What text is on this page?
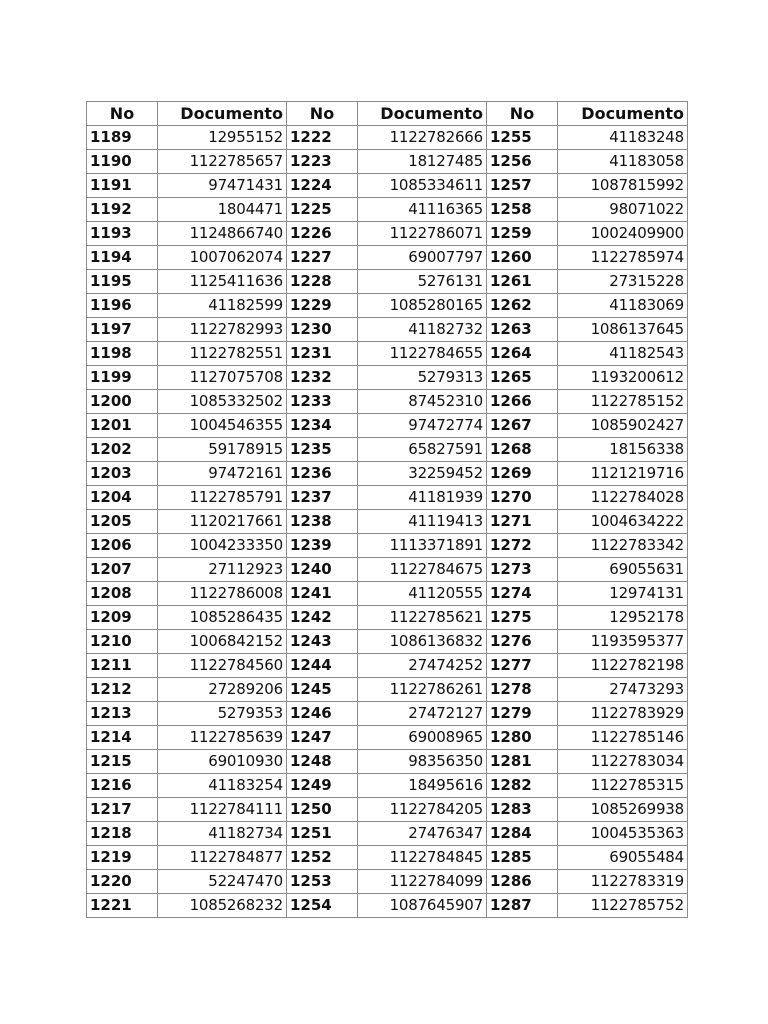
No	Documento	No	Documento	No	Documento
1189	12955152	1222	1122782666	1255	41183248
1190	1122785657	1223	18127485	1256	41183058
1191	97471431	1224	1085334611	1257	1087815992
1192	1804471	1225	41116365	1258	98071022
1193	1124866740	1226	1122786071	1259	1002409900
1194	1007062074	1227	69007797	1260	1122785974
1195	1125411636	1228	5276131	1261	27315228
1196	41182599	1229	1085280165	1262	41183069
1197	1122782993	1230	41182732	1263	1086137645
1198	1122782551	1231	1122784655	1264	41182543
1199	1127075708	1232	5279313	1265	1193200612
1200	1085332502	1233	87452310	1266	1122785152
1201	1004546355	1234	97472774	1267	1085902427
1202	59178915	1235	65827591	1268	18156338
1203	97472161	1236	32259452	1269	1121219716
1204	1122785791	1237	41181939	1270	1122784028
1205	1120217661	1238	41119413	1271	1004634222
1206	1004233350	1239	1113371891	1272	1122783342
1207	27112923	1240	1122784675	1273	69055631
1208	1122786008	1241	41120555	1274	12974131
1209	1085286435	1242	1122785621	1275	12952178
1210	1006842152	1243	1086136832	1276	1193595377
1211	1122784560	1244	27474252	1277	1122782198
1212	27289206	1245	1122786261	1278	27473293
1213	5279353	1246	27472127	1279	1122783929
1214	1122785639	1247	69008965	1280	1122785146
1215	69010930	1248	98356350	1281	1122783034
1216	41183254	1249	18495616	1282	1122785315
1217	1122784111	1250	1122784205	1283	1085269938
1218	41182734	1251	27476347	1284	1004535363
1219	1122784877	1252	1122784845	1285	69055484
1220	52247470	1253	1122784099	1286	1122783319
1221	1085268232	1254	1087645907	1287	1122785752
